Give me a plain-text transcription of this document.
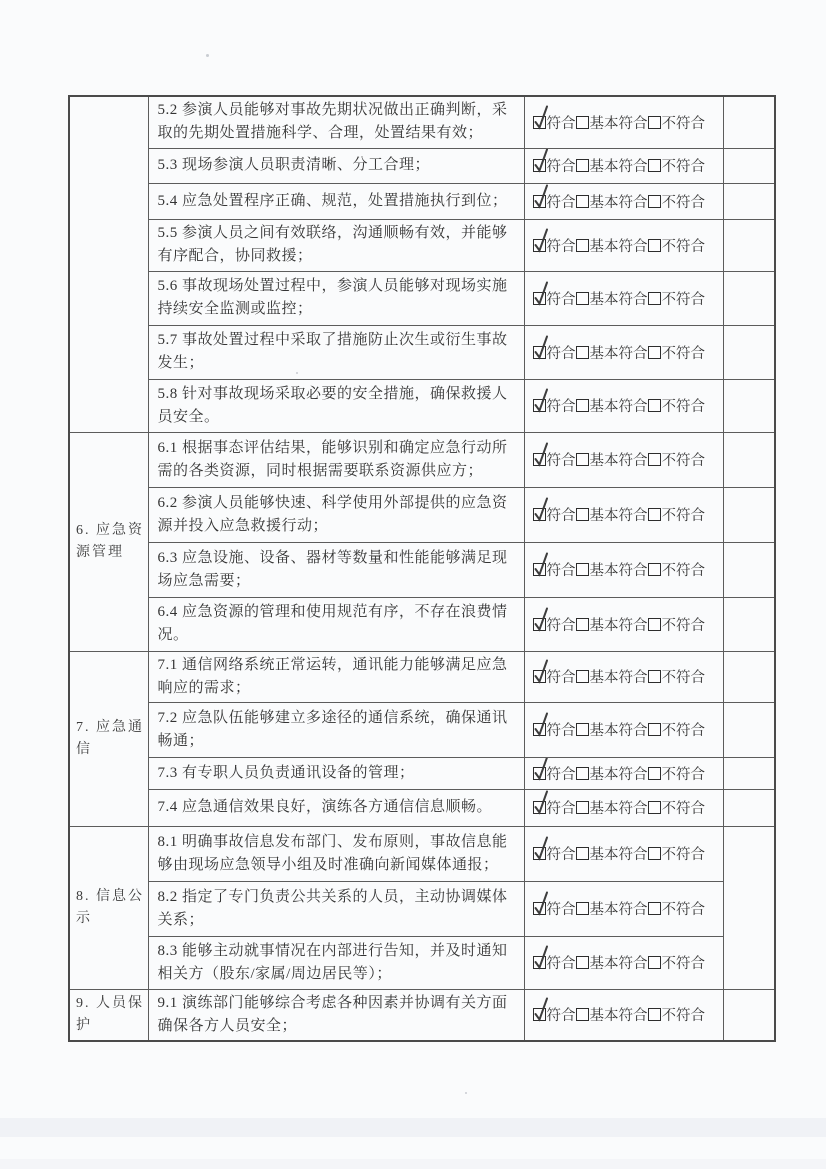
	5.2 参演人员能够对事故先期状况做出正确判断，采取的先期处置措施科学、合理，处置结果有效；	符合 基本符合 不符合	

	5.3 现场参演人员职责清晰、分工合理；	符合 基本符合 不符合	

	5.4 应急处置程序正确、规范，处置措施执行到位；	符合 基本符合 不符合	

	5.5 参演人员之间有效联络，沟通顺畅有效，并能够有序配合，协同救援；	符合 基本符合 不符合	

	5.6 事故现场处置过程中，参演人员能够对现场实施持续安全监测或监控；	符合 基本符合 不符合	

	5.7 事故处置过程中采取了措施防止次生或衍生事故发生；	符合 基本符合 不符合	

	5.8 针对事故现场采取必要的安全措施，确保救援人员安全。	符合 基本符合 不符合	

6. 应急资源管理	6.1 根据事态评估结果，能够识别和确定应急行动所需的各类资源，同时根据需要联系资源供应方；	符合 基本符合 不符合	

	6.2 参演人员能够快速、科学使用外部提供的应急资源并投入应急救援行动；	符合 基本符合 不符合	

	6.3 应急设施、设备、器材等数量和性能能够满足现场应急需要；	符合 基本符合 不符合	

	6.4 应急资源的管理和使用规范有序，不存在浪费情况。	符合 基本符合 不符合	

7. 应急通信	7.1 通信网络系统正常运转，通讯能力能够满足应急响应的需求；	符合 基本符合 不符合	

	7.2 应急队伍能够建立多途径的通信系统，确保通讯畅通；	符合 基本符合 不符合	

	7.3 有专职人员负责通讯设备的管理；	符合 基本符合 不符合	

	7.4 应急通信效果良好，演练各方通信信息顺畅。	符合 基本符合 不符合	

8. 信息公示	8.1 明确事故信息发布部门、发布原则，事故信息能够由现场应急领导小组及时准确向新闻媒体通报；	符合 基本符合 不符合	

	8.2 指定了专门负责公共关系的人员，主动协调媒体关系；	符合 基本符合 不符合	

	8.3 能够主动就事情况在内部进行告知，并及时通知相关方（股东/家属/周边居民等）；	符合 基本符合 不符合	

9. 人员保护	9.1 演练部门能够综合考虑各种因素并协调有关方面确保各方人员安全；	符合 基本符合 不符合	
